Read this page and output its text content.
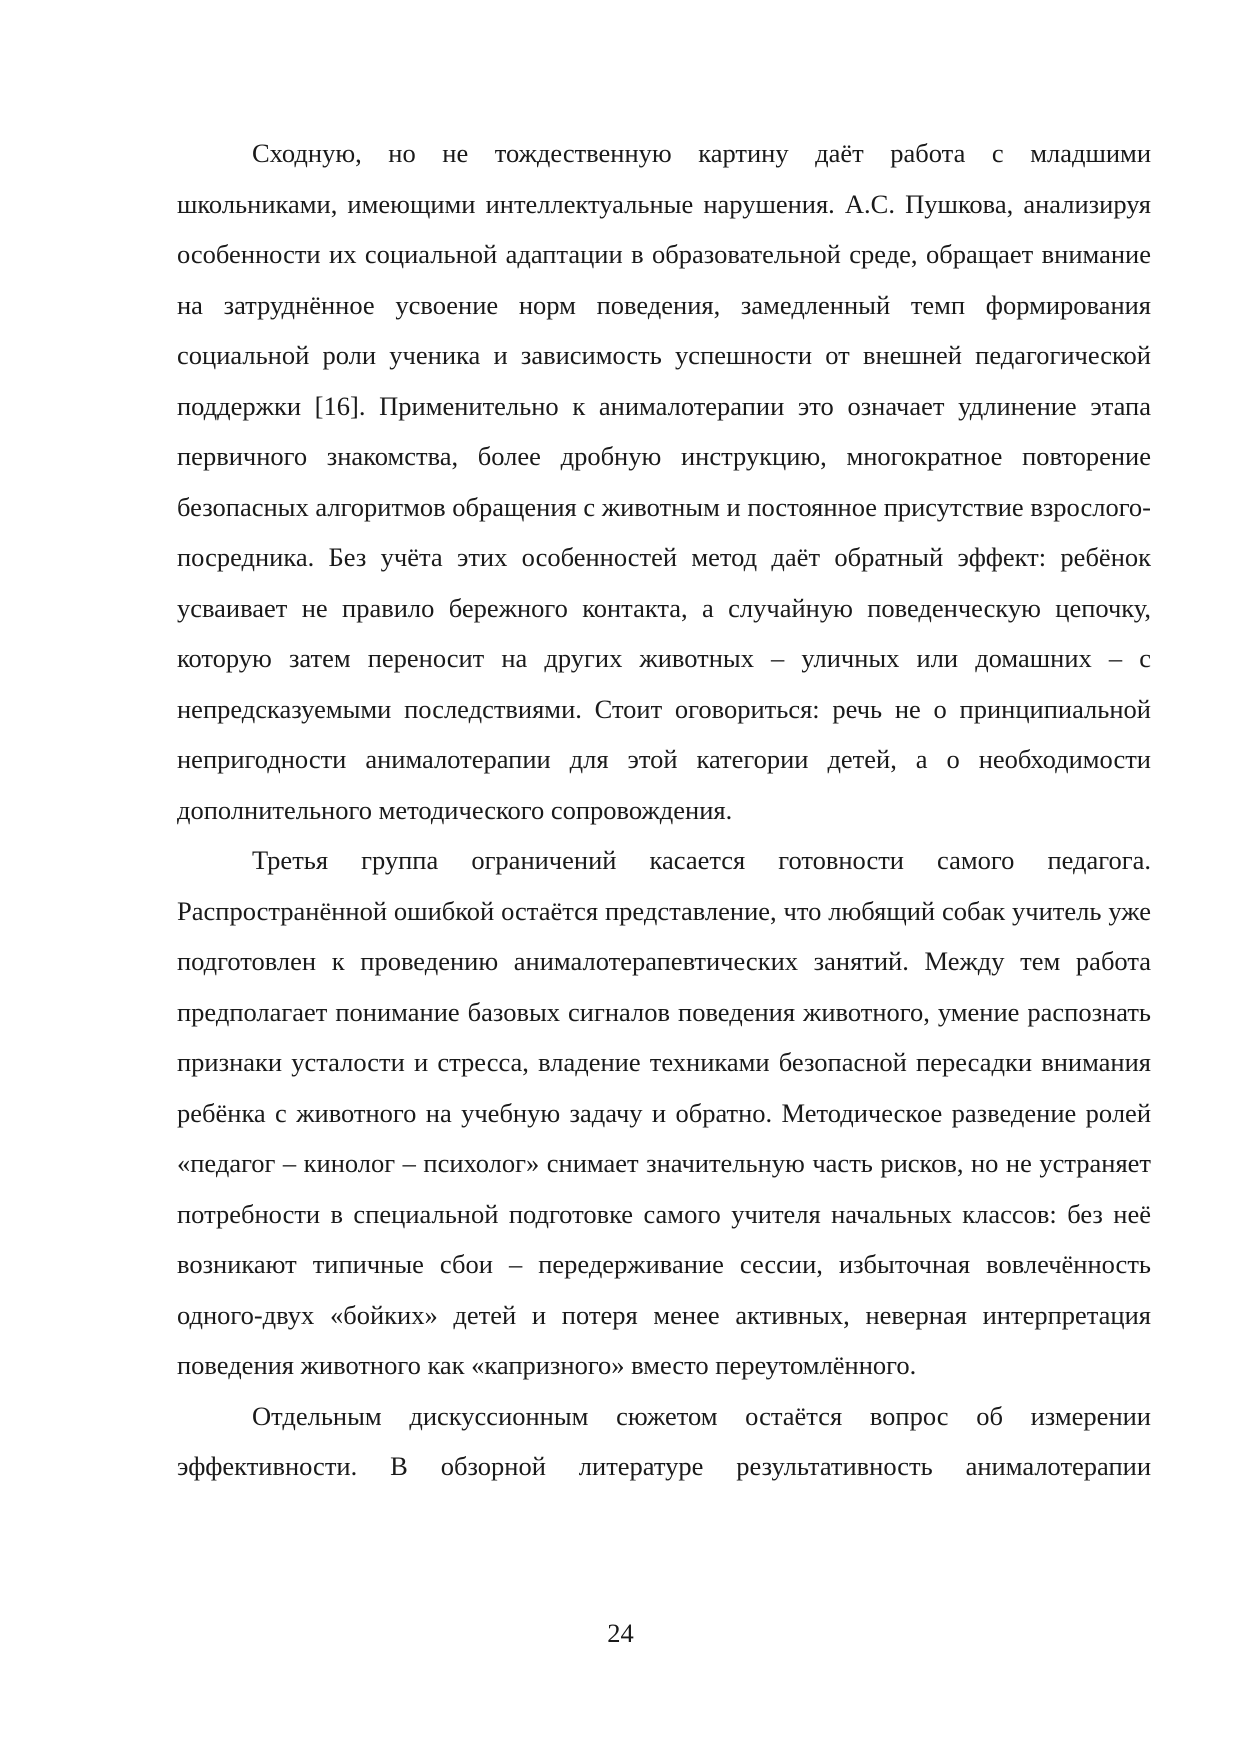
Сходную, но не тождественную картину даёт работа с младшими школьниками, имеющими интеллектуальные нарушения. А.С. Пушкова, анализируя особенности их социальной адаптации в образовательной среде, обращает внимание на затруднённое усвоение норм поведения, замедленный темп формирования социальной роли ученика и зависимость успешности от внешней педагогической поддержки [16]. Применительно к анималотерапии это означает удлинение этапа первичного знакомства, более дробную инструкцию, многократное повторение безопасных алгоритмов обращения с животным и постоянное присутствие взрослого-посредника. Без учёта этих особенностей метод даёт обратный эффект: ребёнок усваивает не правило бережного контакта, а случайную поведенческую цепочку, которую затем переносит на других животных – уличных или домашних – с непредсказуемыми последствиями. Стоит оговориться: речь не о принципиальной непригодности анималотерапии для этой категории детей, а о необходимости дополнительного методического сопровождения.

Третья группа ограничений касается готовности самого педагога. Распространённой ошибкой остаётся представление, что любящий собак учитель уже подготовлен к проведению анималотерапевтических занятий. Между тем работа предполагает понимание базовых сигналов поведения животного, умение распознать признаки усталости и стресса, владение техниками безопасной пересадки внимания ребёнка с животного на учебную задачу и обратно. Методическое разведение ролей «педагог – кинолог – психолог» снимает значительную часть рисков, но не устраняет потребности в специальной подготовке самого учителя начальных классов: без неё возникают типичные сбои – передерживание сессии, избыточная вовлечённость одного-двух «бойких» детей и потеря менее активных, неверная интерпретация поведения животного как «капризного» вместо переутомлённого.

Отдельным дискуссионным сюжетом остаётся вопрос об измерении эффективности. В обзорной литературе результативность анималотерапии

24
